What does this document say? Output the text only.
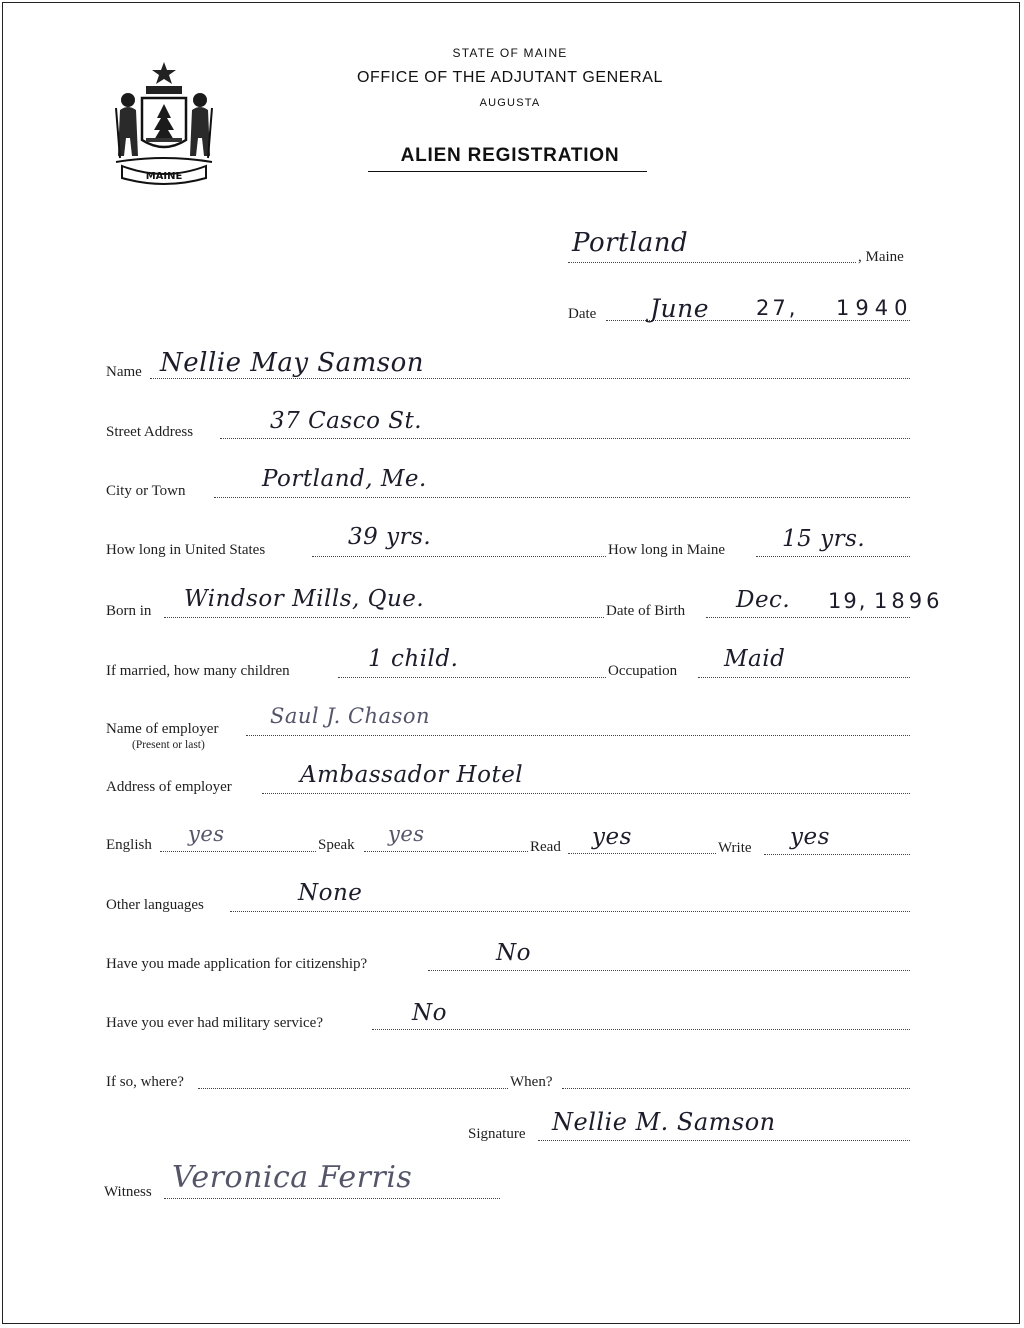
MAINE
STATE OF MAINE
OFFICE OF THE ADJUTANT GENERAL
AUGUSTA
ALIEN REGISTRATION
Portland	, Maine
Date June 27, 1940
Name Nellie May Samson
Street Address	37 Casco St.
City or Town	Portland, Me.
How long in United States	39 yrs.	How long in Maine 15 yrs.
Born in Windsor Mills, Que.	Date of Birth Dec. 19, 1896
If married, how many children	1 child.	Occupation Maid
Name of employer
(Present or last)
Saul J. Chason
Address of employer	Ambassador Hotel
English yes	Speak yes
Read yes	Write yes
Other languages	None
Have you made application for citizenship?	No
Have you ever had military service?	No
If so, where?	When?
Signature Nellie M. Samson
Witness Veronica Ferris
